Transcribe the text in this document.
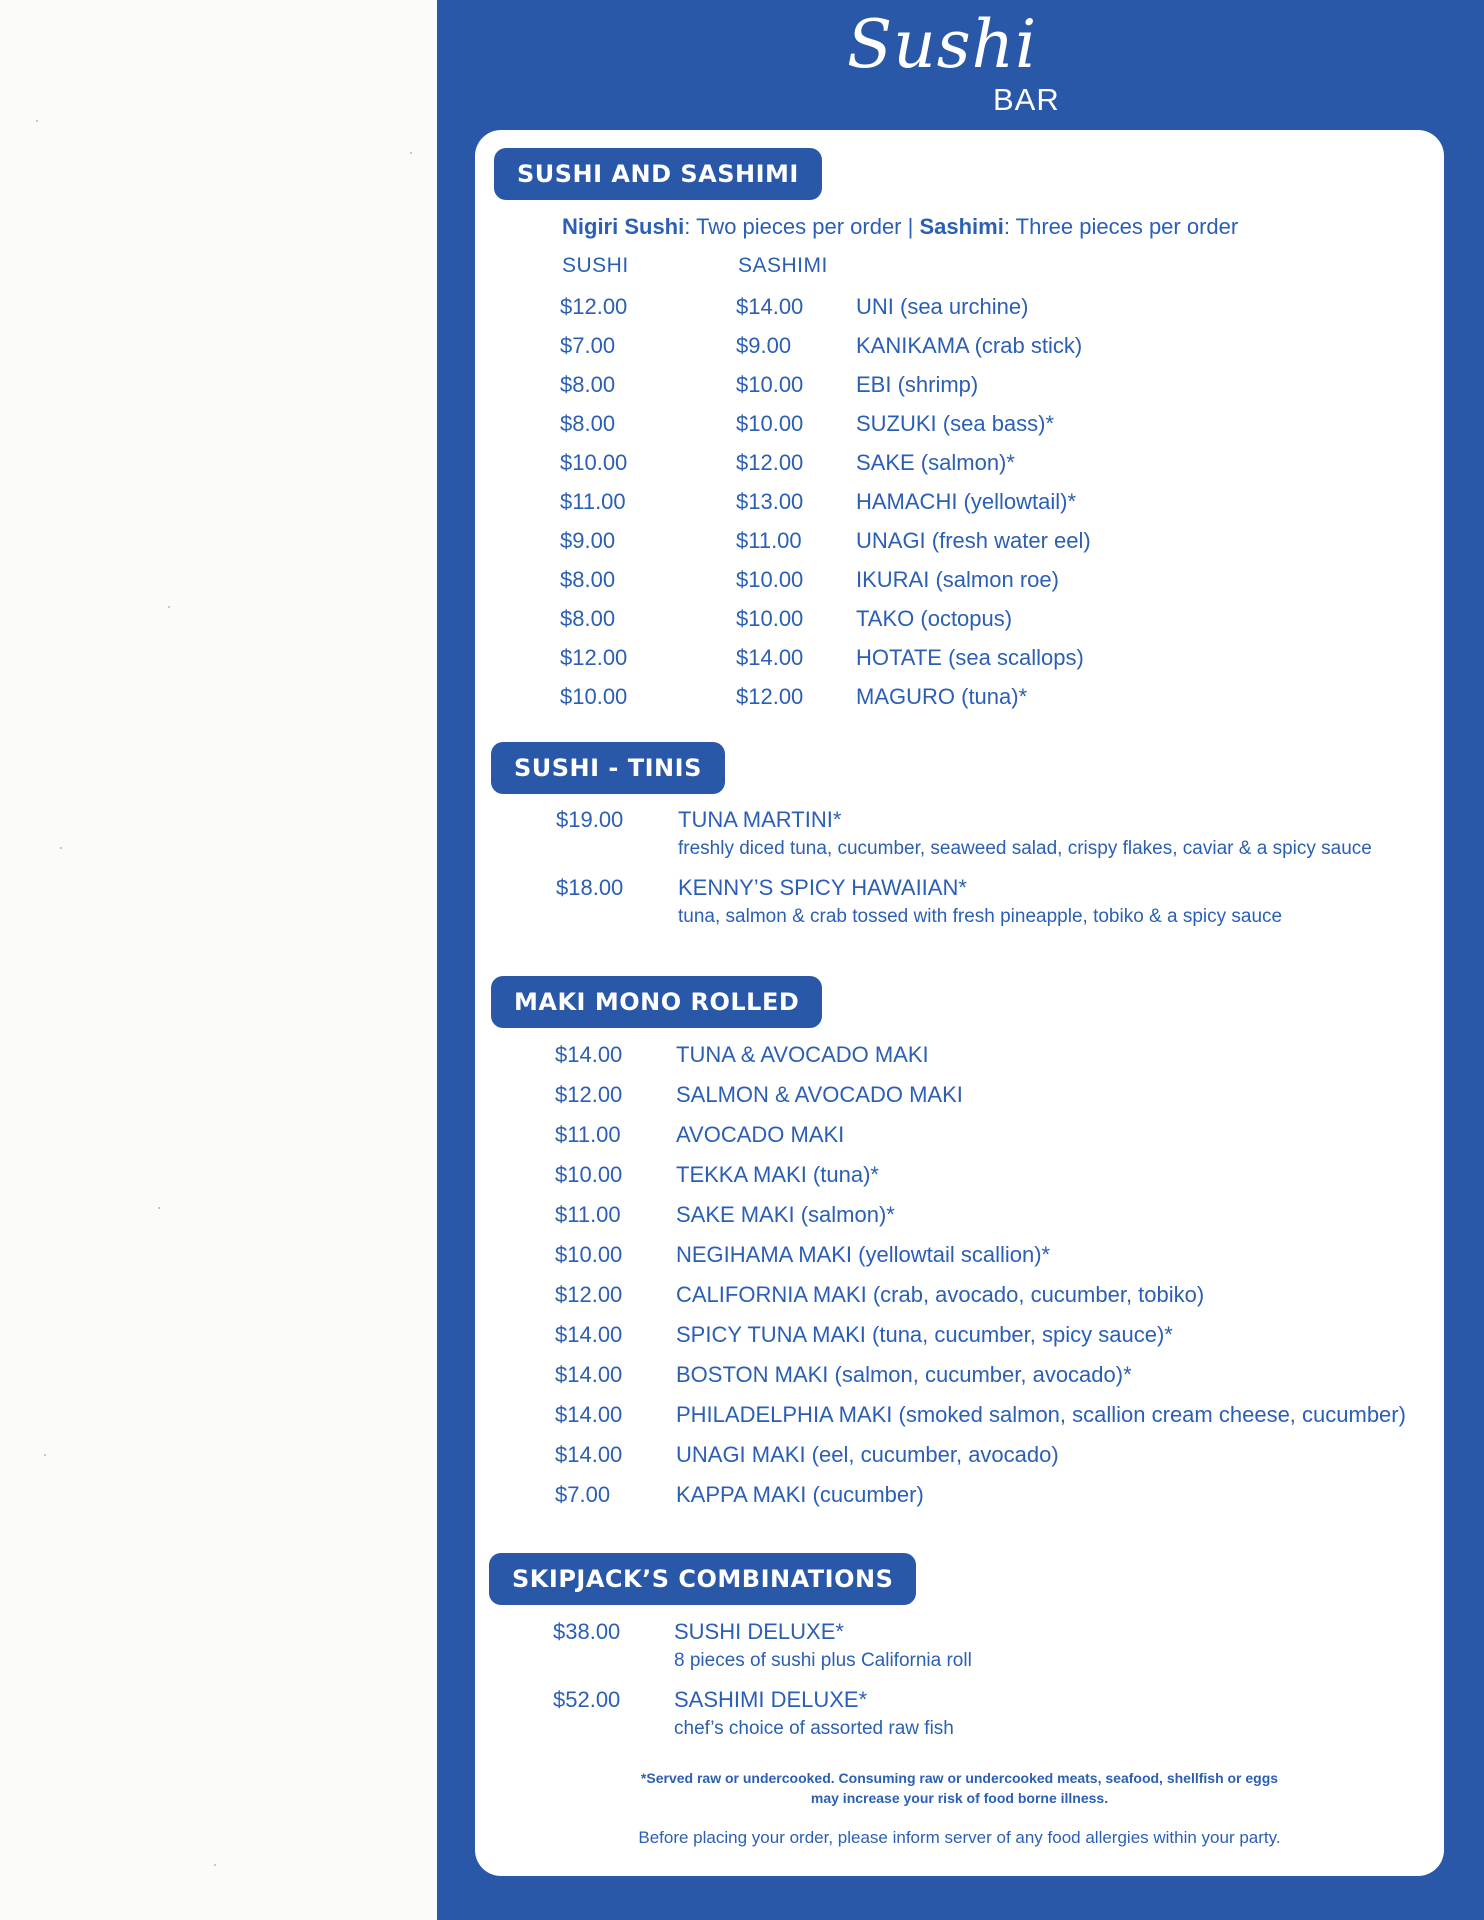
Sushi
BAR
SUSHI AND SASHIMI
Nigiri Sushi: Two pieces per order | Sashimi: Three pieces per order
SUSHI	SASHIMI
$12.00	$14.00 UNI (sea urchine)
$7.00	$9.00	KANIKAMA (crab stick)
$8.00	$10.00 EBI (shrimp)
$8.00	$10.00 SUZUKI (sea bass)*
$10.00	$12.00 SAKE (salmon)*
$11.00	$13.00 HAMACHI (yellowtail)*
$9.00	$11.00 UNAGI (fresh water eel)
$8.00	$10.00 IKURAI (salmon roe)
$8.00	$10.00 TAKO (octopus)
$12.00	$14.00 HOTATE (sea scallops)
$10.00	$12.00 MAGURO (tuna)*
SUSHI - TINIS
$19.00 TUNA MARTINI*
freshly diced tuna, cucumber, seaweed salad, crispy flakes, caviar & a spicy sauce
$18.00 KENNY’S SPICY HAWAIIAN*
tuna, salmon & crab tossed with fresh pineapple, tobiko & a spicy sauce
MAKI MONO ROLLED
$14.00 TUNA & AVOCADO MAKI
$12.00 SALMON & AVOCADO MAKI
$11.00	AVOCADO MAKI
$10.00 TEKKA MAKI (tuna)*
$11.00	SAKE MAKI (salmon)*
$10.00 NEGIHAMA MAKI (yellowtail scallion)*
$12.00 CALIFORNIA MAKI (crab, avocado, cucumber, tobiko)
$14.00 SPICY TUNA MAKI (tuna, cucumber, spicy sauce)*
$14.00 BOSTON MAKI (salmon, cucumber, avocado)*
$14.00 PHILADELPHIA MAKI (smoked salmon, scallion cream cheese, cucumber)
$14.00 UNAGI MAKI (eel, cucumber, avocado)
$7.00	KAPPA MAKI (cucumber)
SKIPJACK’S COMBINATIONS
$38.00 SUSHI DELUXE*
8 pieces of sushi plus California roll
$52.00 SASHIMI DELUXE*
chef’s choice of assorted raw fish
*Served raw or undercooked. Consuming raw or undercooked meats, seafood, shellfish or eggs
may increase your risk of food borne illness.
Before placing your order, please inform server of any food allergies within your party.
